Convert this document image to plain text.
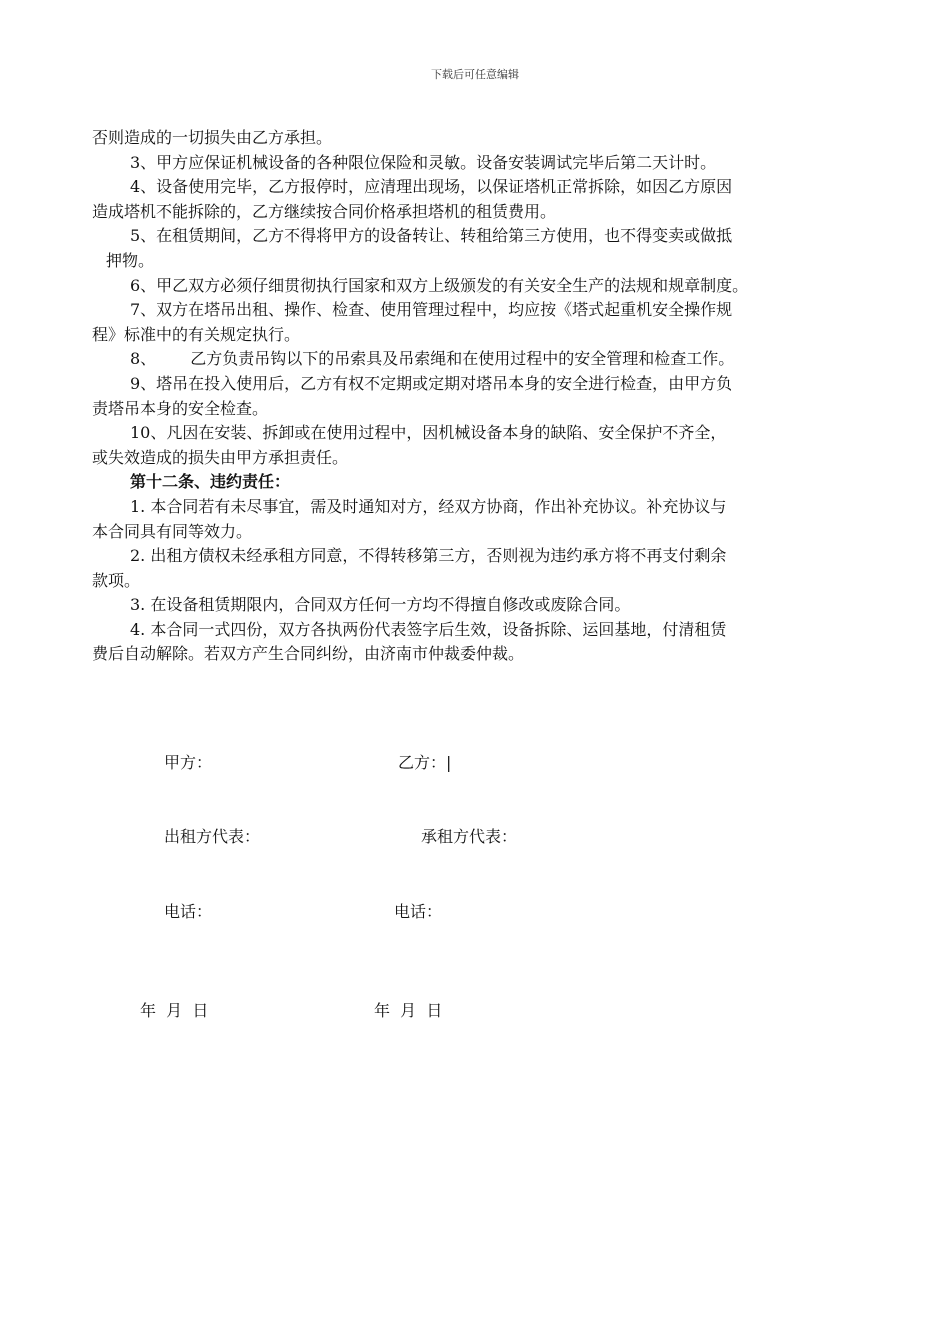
下载后可任意编辑

否则造成的一切损失由乙方承担。

3、甲方应保证机械设备的各种限位保险和灵敏。设备安装调试完毕后第二天计时。

4、设备使用完毕，乙方报停时，应清理出现场，以保证塔机正常拆除，如因乙方原因

造成塔机不能拆除的，乙方继续按合同价格承担塔机的租赁费用。

5、在租赁期间，乙方不得将甲方的设备转让、转租给第三方使用，也不得变卖或做抵

押物。

6、甲乙双方必须仔细贯彻执行国家和双方上级颁发的有关安全生产的法规和规章制度。

7、双方在塔吊出租、操作、检查、使用管理过程中，均应按《塔式起重机安全操作规

程》标准中的有关规定执行。

8、 乙方负责吊钩以下的吊索具及吊索绳和在使用过程中的安全管理和检查工作。

9、塔吊在投入使用后，乙方有权不定期或定期对塔吊本身的安全进行检查，由甲方负

责塔吊本身的安全检查。

10、凡因在安装、拆卸或在使用过程中，因机械设备本身的缺陷、安全保护不齐全，

或失效造成的损失由甲方承担责任。

第十二条、违约责任：

1. 本合同若有未尽事宜，需及时通知对方，经双方协商，作出补充协议。补充协议与

本合同具有同等效力。

2. 出租方债权未经承租方同意，不得转移第三方，否则视为违约承方将不再支付剩余

款项。

3. 在设备租赁期限内，合同双方任何一方均不得擅自修改或废除合同。

4. 本合同一式四份，双方各执两份代表签字后生效，设备拆除、运回基地，付清租赁

费后自动解除。若双方产生合同纠纷，由济南市仲裁委仲裁。

甲方：	乙方：|
出租方代表：	承租方代表：
电话：	电话：
年  月  日	年  月  日
